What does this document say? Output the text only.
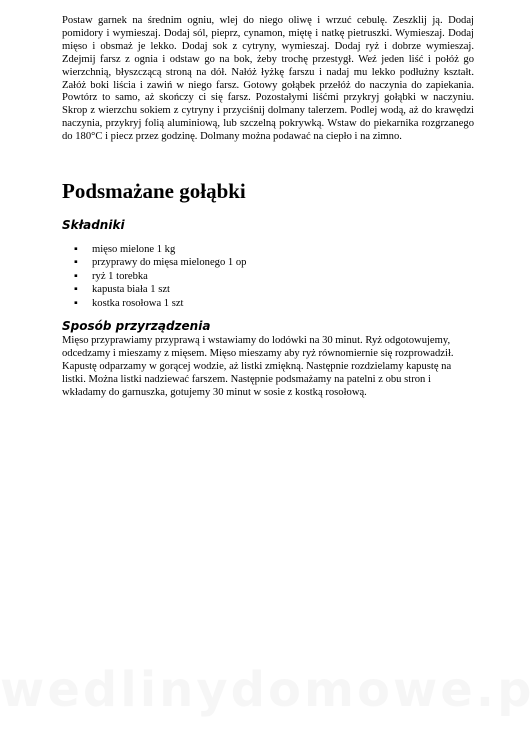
Postaw garnek na średnim ogniu, wlej do niego oliwę i wrzuć cebulę. Zeszklij ją. Dodaj pomidory i wymieszaj. Dodaj sól, pieprz, cynamon, miętę i natkę pietruszki. Wymieszaj. Dodaj mięso i obsmaż je lekko. Dodaj sok z cytryny, wymieszaj. Dodaj ryż i dobrze wymieszaj. Zdejmij farsz z ognia i odstaw go na bok, żeby trochę przestygł. Weź jeden liść i połóż go wierzchnią, błyszczącą stroną na dół. Nałóż łyżkę farszu i nadaj mu lekko podłużny kształt. Załóż boki liścia i zawiń w niego farsz. Gotowy gołąbek przełóż do naczynia do zapiekania. Powtórz to samo, aż skończy ci się farsz. Pozostałymi liśćmi przykryj gołąbki w naczyniu. Skrop z wierzchu sokiem z cytryny i przyciśnij dolmany talerzem. Podlej wodą, aż do krawędzi naczynia, przykryj folią aluminiową, lub szczelną pokrywką. Wstaw do piekarnika rozgrzanego do 180°C i piecz przez godzinę. Dolmany można podawać na ciepło i na zimno.

Podsmażane gołąbki
Składniki
▪ mięso mielone 1 kg
▪ przyprawy do mięsa mielonego 1 op
▪ ryż 1 torebka
▪ kapusta biała 1 szt
▪ kostka rosołowa 1 szt
Sposób przyrządzenia

Mięso przyprawiamy przyprawą i wstawiamy do lodówki na 30 minut. Ryż odgotowujemy, odcedzamy i mieszamy z mięsem. Mięso mieszamy aby ryż równomiernie się rozprowadził. Kapustę odparzamy w gorącej wodzie, aż listki zmiękną. Następnie rozdzielamy kapustę na listki. Można listki nadziewać farszem. Następnie podsmażamy na patelni z obu stron i wkładamy do garnuszka, gotujemy 30 minut w sosie z kostką rosołową.
